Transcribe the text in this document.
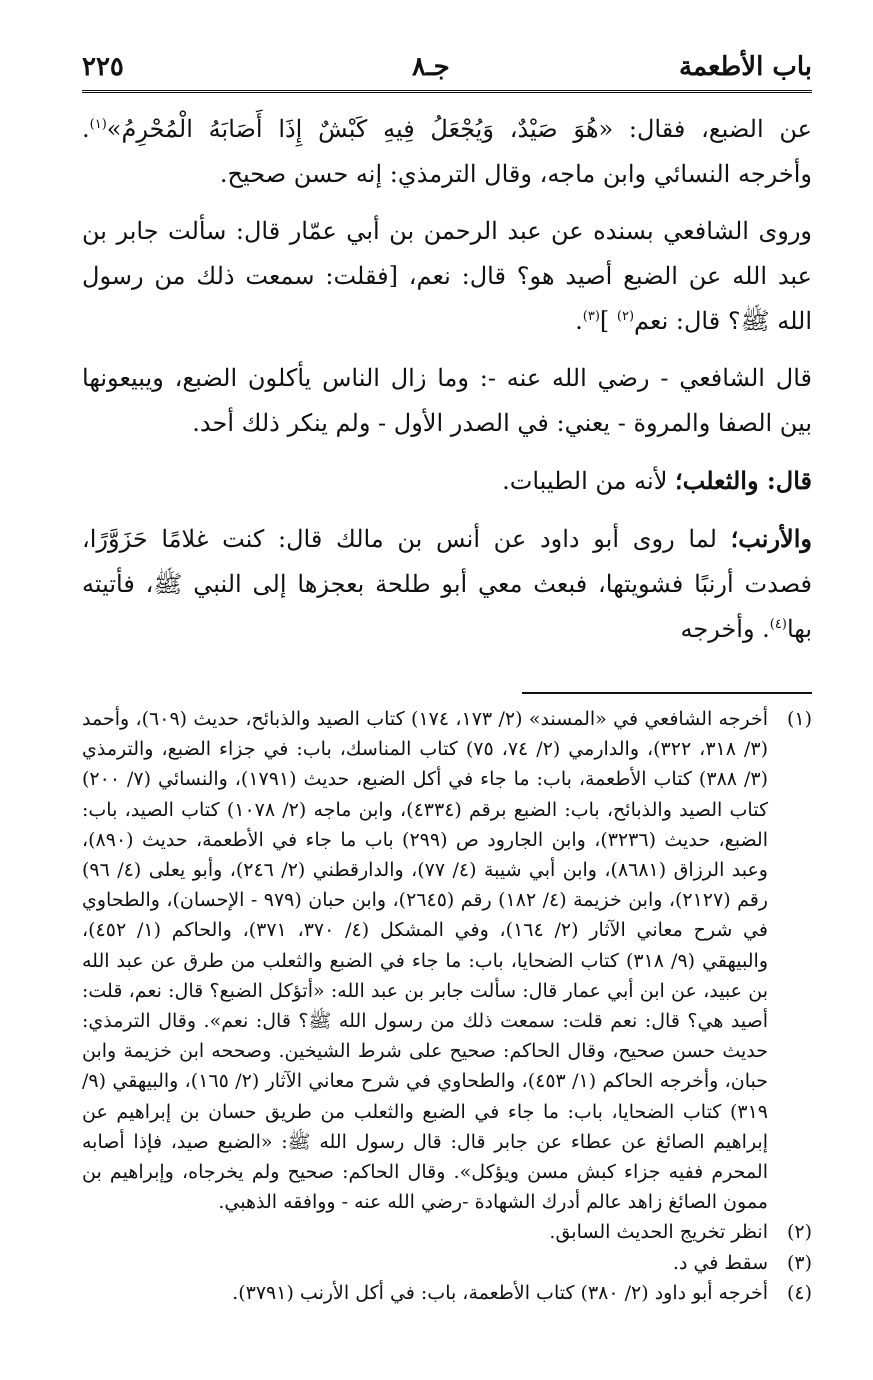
باب الأطعمة
جـ٨
٢٢٥

عن الضبع، فقال: «هُوَ صَيْدٌ، وَيُجْعَلُ فِيهِ كَبْشٌ إِذَا أَصَابَهُ الْمُحْرِمُ»$^{(١)}$. وأخرجه النسائي وابن ماجه، وقال الترمذي: إنه حسن صحيح.

وروى الشافعي بسنده عن عبد الرحمن بن أبي عمّار قال: سألت جابر بن عبد الله عن الضبع أصيد هو؟ قال: نعم، [فقلت: سمعت ذلك من رسول الله ﷺ؟ قال: نعم$^{(٢)}$ ]$^{(٣)}$.

قال الشافعي - رضي الله عنه -: وما زال الناس يأكلون الضبع، ويبيعونها بين الصفا والمروة - يعني: في الصدر الأول - ولم ينكر ذلك أحد.

قال: والثعلب؛ لأنه من الطيبات.

والأرنب؛ لما روى أبو داود عن أنس بن مالك قال: كنت غلامًا حَزَوَّرًا، فصدت أرنبًا فشويتها، فبعث معي أبو طلحة بعجزها إلى النبي ﷺ، فأتيته بها$^{(٤)}$. وأخرجه

(١)
أخرجه الشافعي في «المسند» (٢/ ١٧٣، ١٧٤) كتاب الصيد والذبائح، حديث (٦٠٩)، وأحمد (٣/ ٣١٨، ٣٢٢)، والدارمي (٢/ ٧٤، ٧٥) كتاب المناسك، باب: في جزاء الضبع، والترمذي (٣/ ٣٨٨) كتاب الأطعمة، باب: ما جاء في أكل الضبع، حديث (١٧٩١)، والنسائي (٧/ ٢٠٠) كتاب الصيد والذبائح، باب: الضبع برقم (٤٣٣٤)، وابن ماجه (٢/ ١٠٧٨) كتاب الصيد، باب: الضبع، حديث (٣٢٣٦)، وابن الجارود ص (٢٩٩) باب ما جاء في الأطعمة، حديث (٨٩٠)، وعبد الرزاق (٨٦٨١)، وابن أبي شيبة (٤/ ٧٧)، والدارقطني (٢/ ٢٤٦)، وأبو يعلى (٤/ ٩٦) رقم (٢١٢٧)، وابن خزيمة (٤/ ١٨٢) رقم (٢٦٤٥)، وابن حبان (٩٧٩ - الإحسان)، والطحاوي في شرح معاني الآثار (٢/ ١٦٤)، وفي المشكل (٤/ ٣٧٠، ٣٧١)، والحاكم (١/ ٤٥٢)، والبيهقي (٩/ ٣١٨) كتاب الضحايا، باب: ما جاء في الضبع والثعلب من طرق عن عبد الله بن عبيد، عن ابن أبي عمار قال: سألت جابر بن عبد الله: «أتؤكل الضبع؟ قال: نعم، قلت: أصيد هي؟ قال: نعم قلت: سمعت ذلك من رسول الله ﷺ؟ قال: نعم». وقال الترمذي: حديث حسن صحيح، وقال الحاكم: صحيح على شرط الشيخين. وصححه ابن خزيمة وابن حبان، وأخرجه الحاكم (١/ ٤٥٣)، والطحاوي في شرح معاني الآثار (٢/ ١٦٥)، والبيهقي (٩/ ٣١٩) كتاب الضحايا، باب: ما جاء في الضبع والثعلب من طريق حسان بن إبراهيم عن إبراهيم الصائغ عن عطاء عن جابر قال: قال رسول الله ﷺ: «الضبع صيد، فإذا أصابه المحرم ففيه جزاء كبش مسن ويؤكل». وقال الحاكم: صحيح ولم يخرجاه، وإبراهيم بن ممون الصائغ زاهد عالم أدرك الشهادة -رضي الله عنه - ووافقه الذهبي.
(٢)
انظر تخريج الحديث السابق.
(٣)
سقط في د.
(٤)
أخرجه أبو داود (٢/ ٣٨٠) كتاب الأطعمة، باب: في أكل الأرنب (٣٧٩١).
